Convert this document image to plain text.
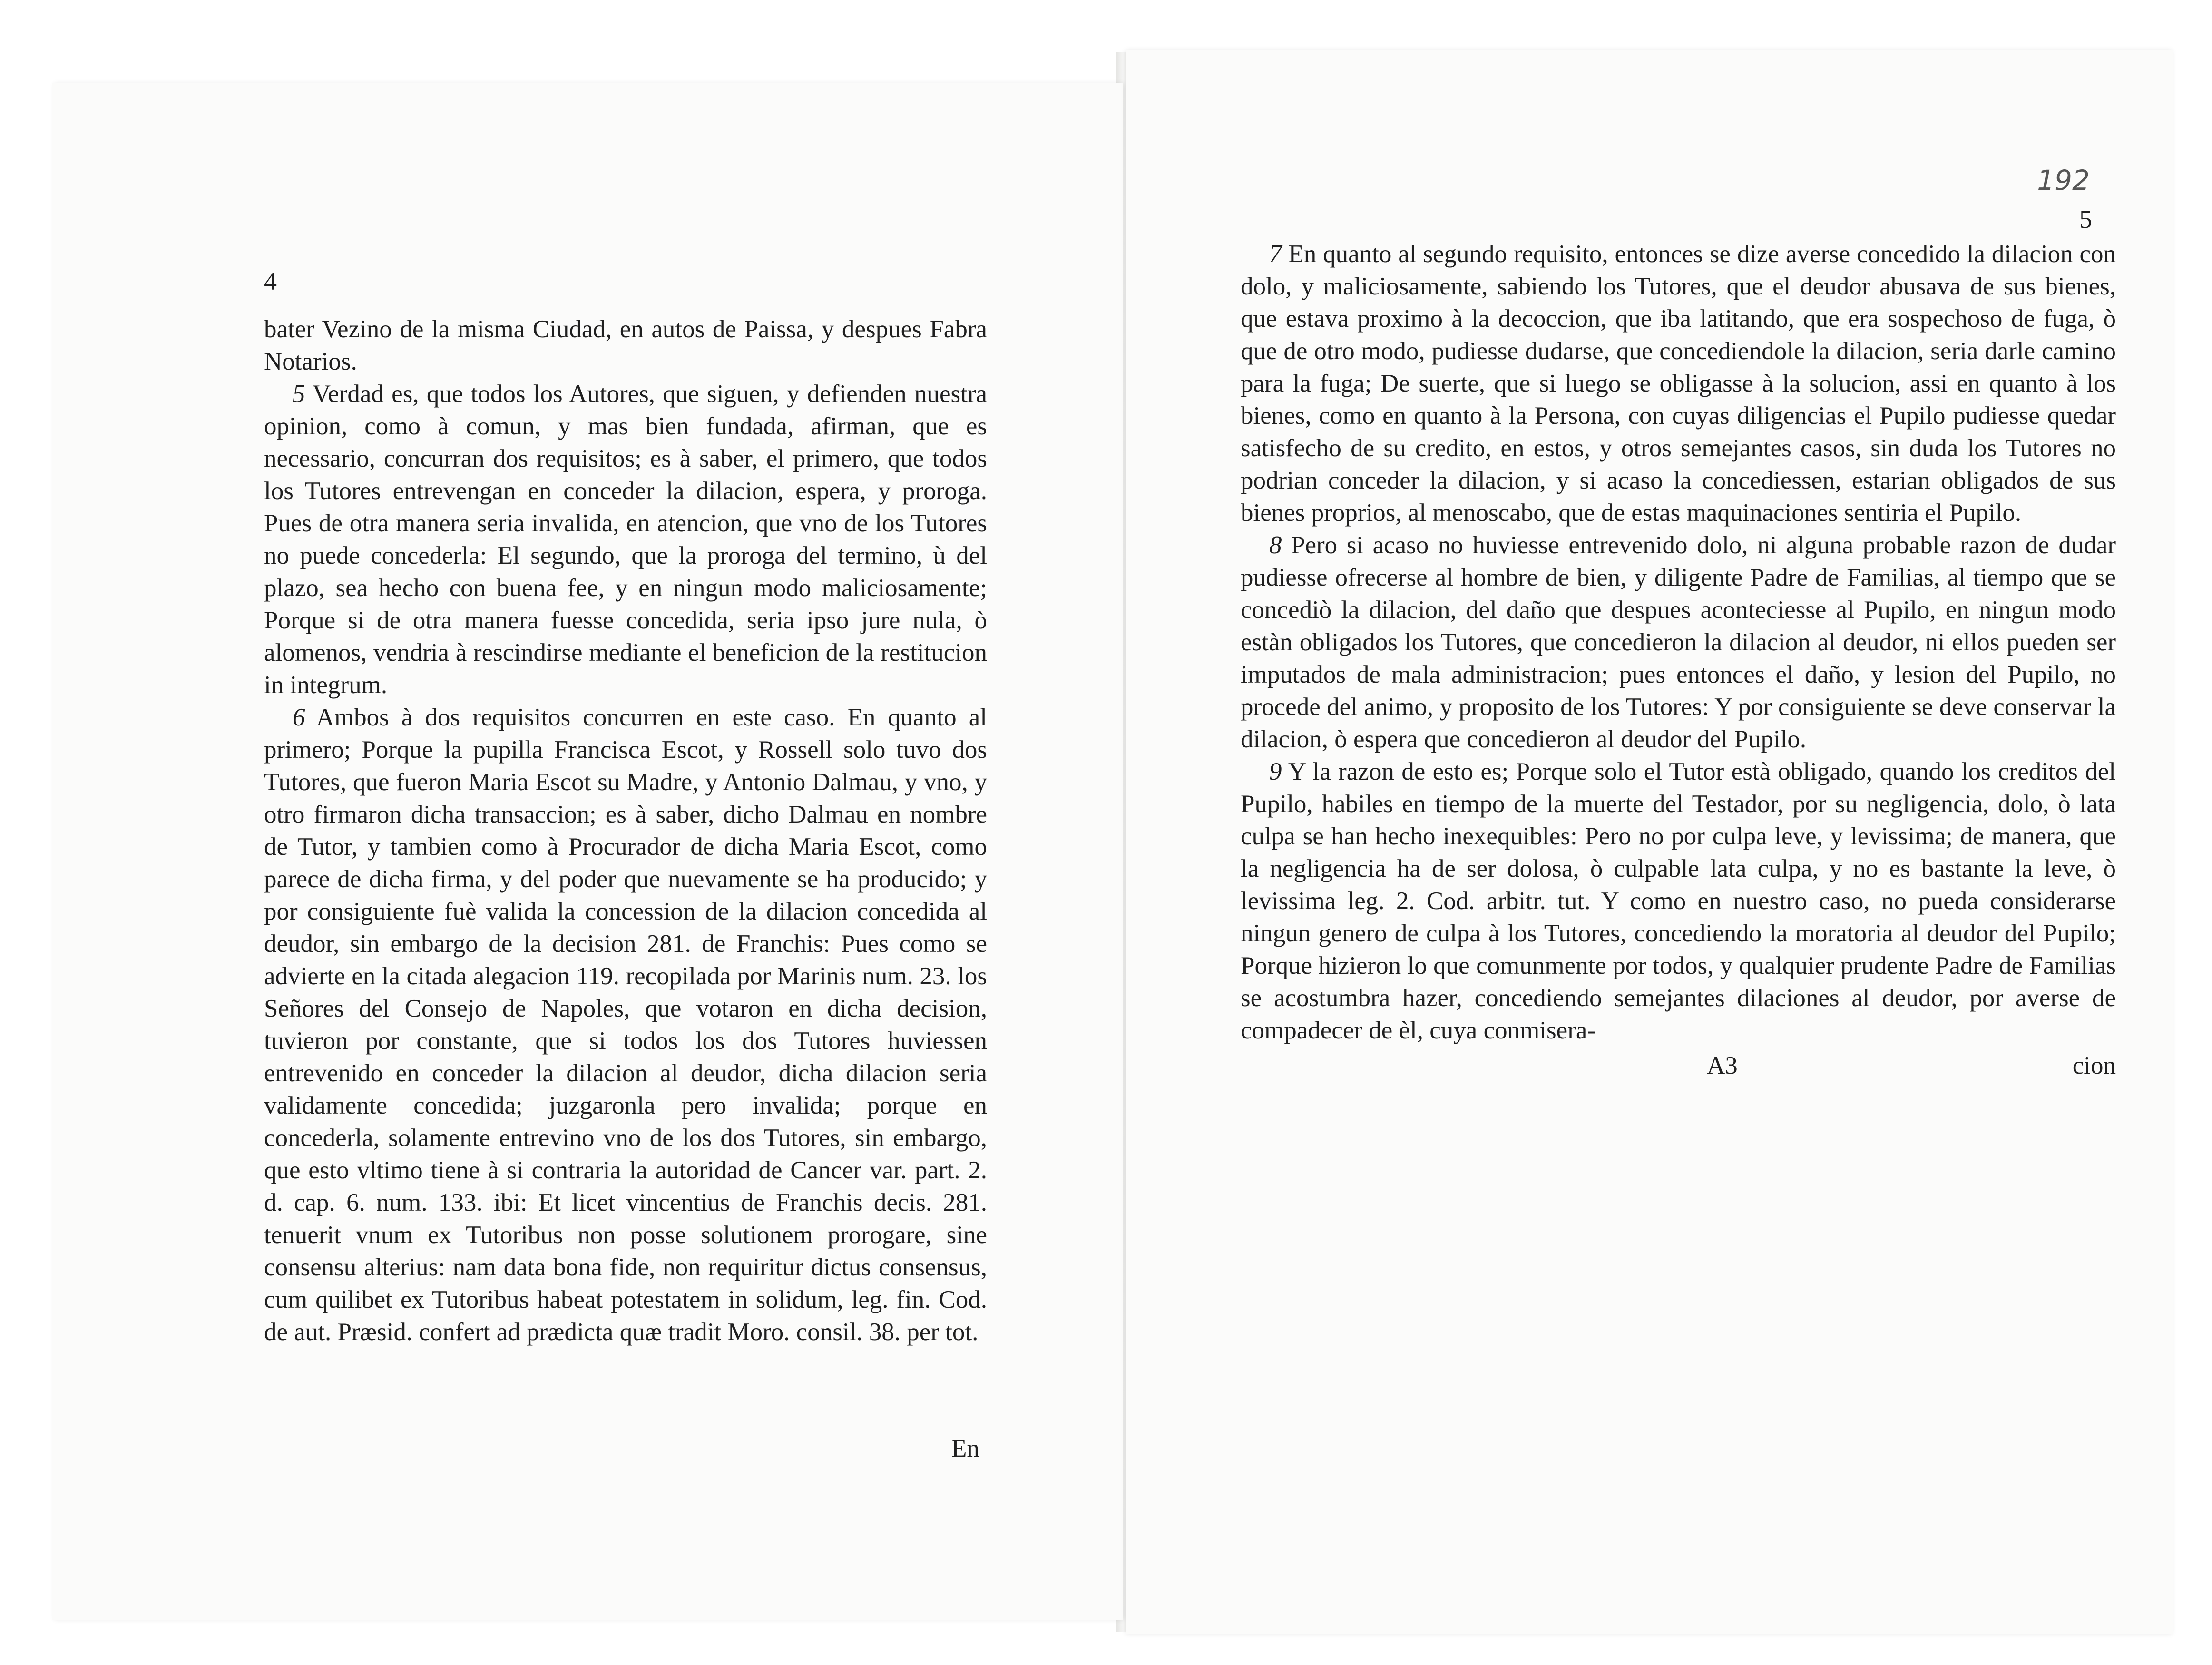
4

bater Vezino de la misma Ciudad, en autos de Paissa, y despues Fabra Notarios.

5 Verdad es, que todos los Autores, que siguen, y defienden nuestra opinion, como à comun, y mas bien fundada, afirman, que es necessario, concurran dos requisitos; es à saber, el primero, que todos los Tutores entrevengan en conceder la dilacion, espera, y proroga. Pues de otra manera seria invalida, en atencion, que vno de los Tutores no puede concederla: El segundo, que la proroga del termino, ù del plazo, sea hecho con buena fee, y en ningun modo maliciosamente; Porque si de otra manera fuesse concedida, seria ipso jure nula, ò alomenos, vendria à rescindirse mediante el beneficion de la restitucion in integrum.

6 Ambos à dos requisitos concurren en este caso. En quanto al primero; Porque la pupilla Francisca Escot, y Rossell solo tuvo dos Tutores, que fueron Maria Escot su Madre, y Antonio Dalmau, y vno, y otro firmaron dicha transaccion; es à saber, dicho Dalmau en nombre de Tutor, y tambien como à Procurador de dicha Maria Escot, como parece de dicha firma, y del poder que nuevamente se ha producido; y por consiguiente fuè valida la concession de la dilacion concedida al deudor, sin embargo de la decision 281. de Franchis: Pues como se advierte en la citada alegacion 119. recopilada por Marinis num. 23. los Señores del Consejo de Napoles, que votaron en dicha decision, tuvieron por constante, que si todos los dos Tutores huviessen entrevenido en conceder la dilacion al deudor, dicha dilacion seria validamente concedida; juzgaronla pero invalida; porque en concederla, solamente entrevino vno de los dos Tutores, sin embargo, que esto vltimo tiene à si contraria la autoridad de Cancer var. part. 2. d. cap. 6. num. 133. ibi: Et licet vincentius de Franchis decis. 281. tenuerit vnum ex Tutoribus non posse solutionem prorogare, sine consensu alterius: nam data bona fide, non requiritur dictus consensus, cum quilibet ex Tutoribus habeat potestatem in solidum, leg. fin. Cod. de aut. Præsid. confert ad prædicta quæ tradit Moro. consil. 38. per tot.

En
192
5

7 En quanto al segundo requisito, entonces se dize averse concedido la dilacion con dolo, y maliciosamente, sabiendo los Tutores, que el deudor abusava de sus bienes, que estava proximo à la decoccion, que iba latitando, que era sospechoso de fuga, ò que de otro modo, pudiesse dudarse, que concediendole la dilacion, seria darle camino para la fuga; De suerte, que si luego se obligasse à la solucion, assi en quanto à los bienes, como en quanto à la Persona, con cuyas diligencias el Pupilo pudiesse quedar satisfecho de su credito, en estos, y otros semejantes casos, sin duda los Tutores no podrian conceder la dilacion, y si acaso la concediessen, estarian obligados de sus bienes proprios, al menoscabo, que de estas maquinaciones sentiria el Pupilo.

8 Pero si acaso no huviesse entrevenido dolo, ni alguna probable razon de dudar pudiesse ofrecerse al hombre de bien, y diligente Padre de Familias, al tiempo que se concediò la dilacion, del daño que despues aconteciesse al Pupilo, en ningun modo estàn obligados los Tutores, que concedieron la dilacion al deudor, ni ellos pueden ser imputados de mala administracion; pues entonces el daño, y lesion del Pupilo, no procede del animo, y proposito de los Tutores: Y por consiguiente se deve conservar la dilacion, ò espera que concedieron al deudor del Pupilo.

9 Y la razon de esto es; Porque solo el Tutor està obligado, quando los creditos del Pupilo, habiles en tiempo de la muerte del Testador, por su negligencia, dolo, ò lata culpa se han hecho inexequibles: Pero no por culpa leve, y levissima; de manera, que la negligencia ha de ser dolosa, ò culpable lata culpa, y no es bastante la leve, ò levissima leg. 2. Cod. arbitr. tut. Y como en nuestro caso, no pueda considerarse ningun genero de culpa à los Tutores, concediendo la moratoria al deudor del Pupilo; Porque hizieron lo que comunmente por todos, y qualquier prudente Padre de Familias se acostumbra hazer, concediendo semejantes dilaciones al deudor, por averse de compadecer de èl, cuya conmisera-

A3	cion
